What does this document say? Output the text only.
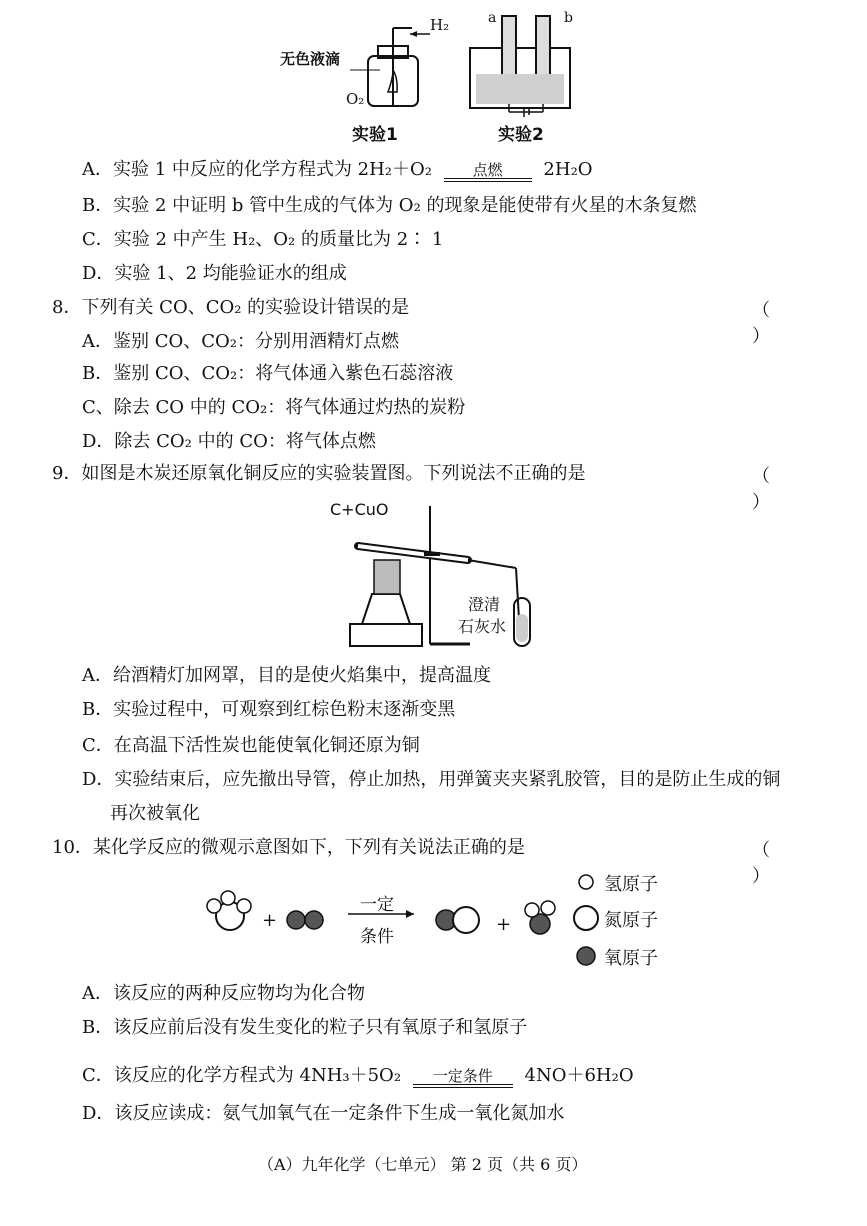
H₂
无色液滴
O₂
a	b
实验1	实验2
A．实验 1 中反应的化学方程式为 2H₂＋O₂	点燃	2H₂O
B．实验 2 中证明 b 管中生成的气体为 O₂ 的现象是能使带有火星的木条复燃
C．实验 2 中产生 H₂、O₂ 的质量比为 2∶ 1
D．实验 1、2 均能验证水的组成
8．下列有关 CO、CO₂ 的实验设计错误的是	（ ）
A．鉴别 CO、CO₂：分别用酒精灯点燃
B．鉴别 CO、CO₂：将气体通入紫色石蕊溶液
C、除去 CO 中的 CO₂：将气体通过灼热的炭粉
D．除去 CO₂ 中的 CO：将气体点燃
9．如图是木炭还原氧化铜反应的实验装置图。下列说法不正确的是	（ ）
C+CuO
澄清
石灰水
A．给酒精灯加网罩，目的是使火焰集中，提高温度
B．实验过程中，可观察到红棕色粉末逐渐变黑
C．在高温下活性炭也能使氧化铜还原为铜
D．实验结束后，应先撤出导管，停止加热，用弹簧夹夹紧乳胶管，目的是防止生成的铜
再次被氧化
10．某化学反应的微观示意图如下，下列有关说法正确的是	（ ）
+	+
一定
条件
氢原子
氮原子
氧原子
A．该反应的两种反应物均为化合物
B．该反应前后没有发生变化的粒子只有氧原子和氢原子
C．该反应的化学方程式为 4NH₃＋5O₂	一定条件	4NO＋6H₂O
D．该反应读成：氨气加氧气在一定条件下生成一氧化氮加水
（A）九年化学（七单元） 第 2 页（共 6 页）
